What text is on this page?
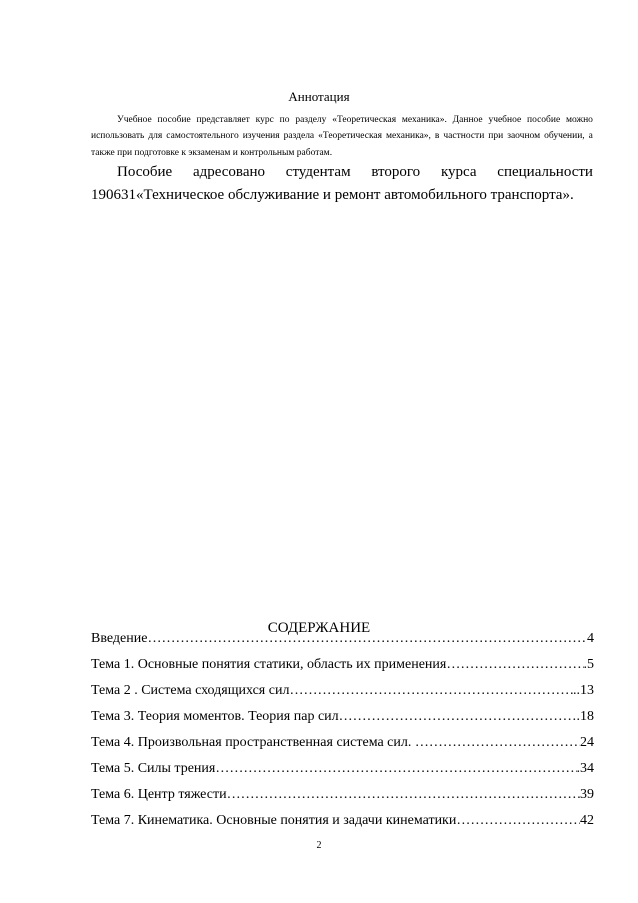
Аннотация
Учебное пособие представляет курс по разделу «Теоретическая механика». Данное учебное пособие можно
использовать для самостоятельного изучения раздела «Теоретическая механика», в частности при заочном обучении, а
также при подготовке к экзаменам и контрольным работам.
Пособие адресовано студентам второго курса специальности
190631«Техническое обслуживание и ремонт автомобильного транспорта».
СОДЕРЖАНИЕ
Введение ……………………………………………………………………………………………………………………………………………	4
Тема 1. Основные понятия статики, область их применения ……………………………………………………………………………………………………………………………………………	.5
Тема 2 . Система сходящихся сил ……………………………………………………………………………………………………………………………………………	..13
Тема 3. Теория моментов. Теория пар сил ……………………………………………………………………………………………………………………………………………	.18
Тема 4. Произвольная пространственная система сил. ……………………………………………………………………………………………………………………………………………	24
Тема 5. Силы трения ……………………………………………………………………………………………………………………………………………	.34
Тема 6. Центр тяжести ……………………………………………………………………………………………………………………………………………	39
Тема 7. Кинематика. Основные понятия и задачи кинематики ……………………………………………………………………………………………………………………………………………	42
2
